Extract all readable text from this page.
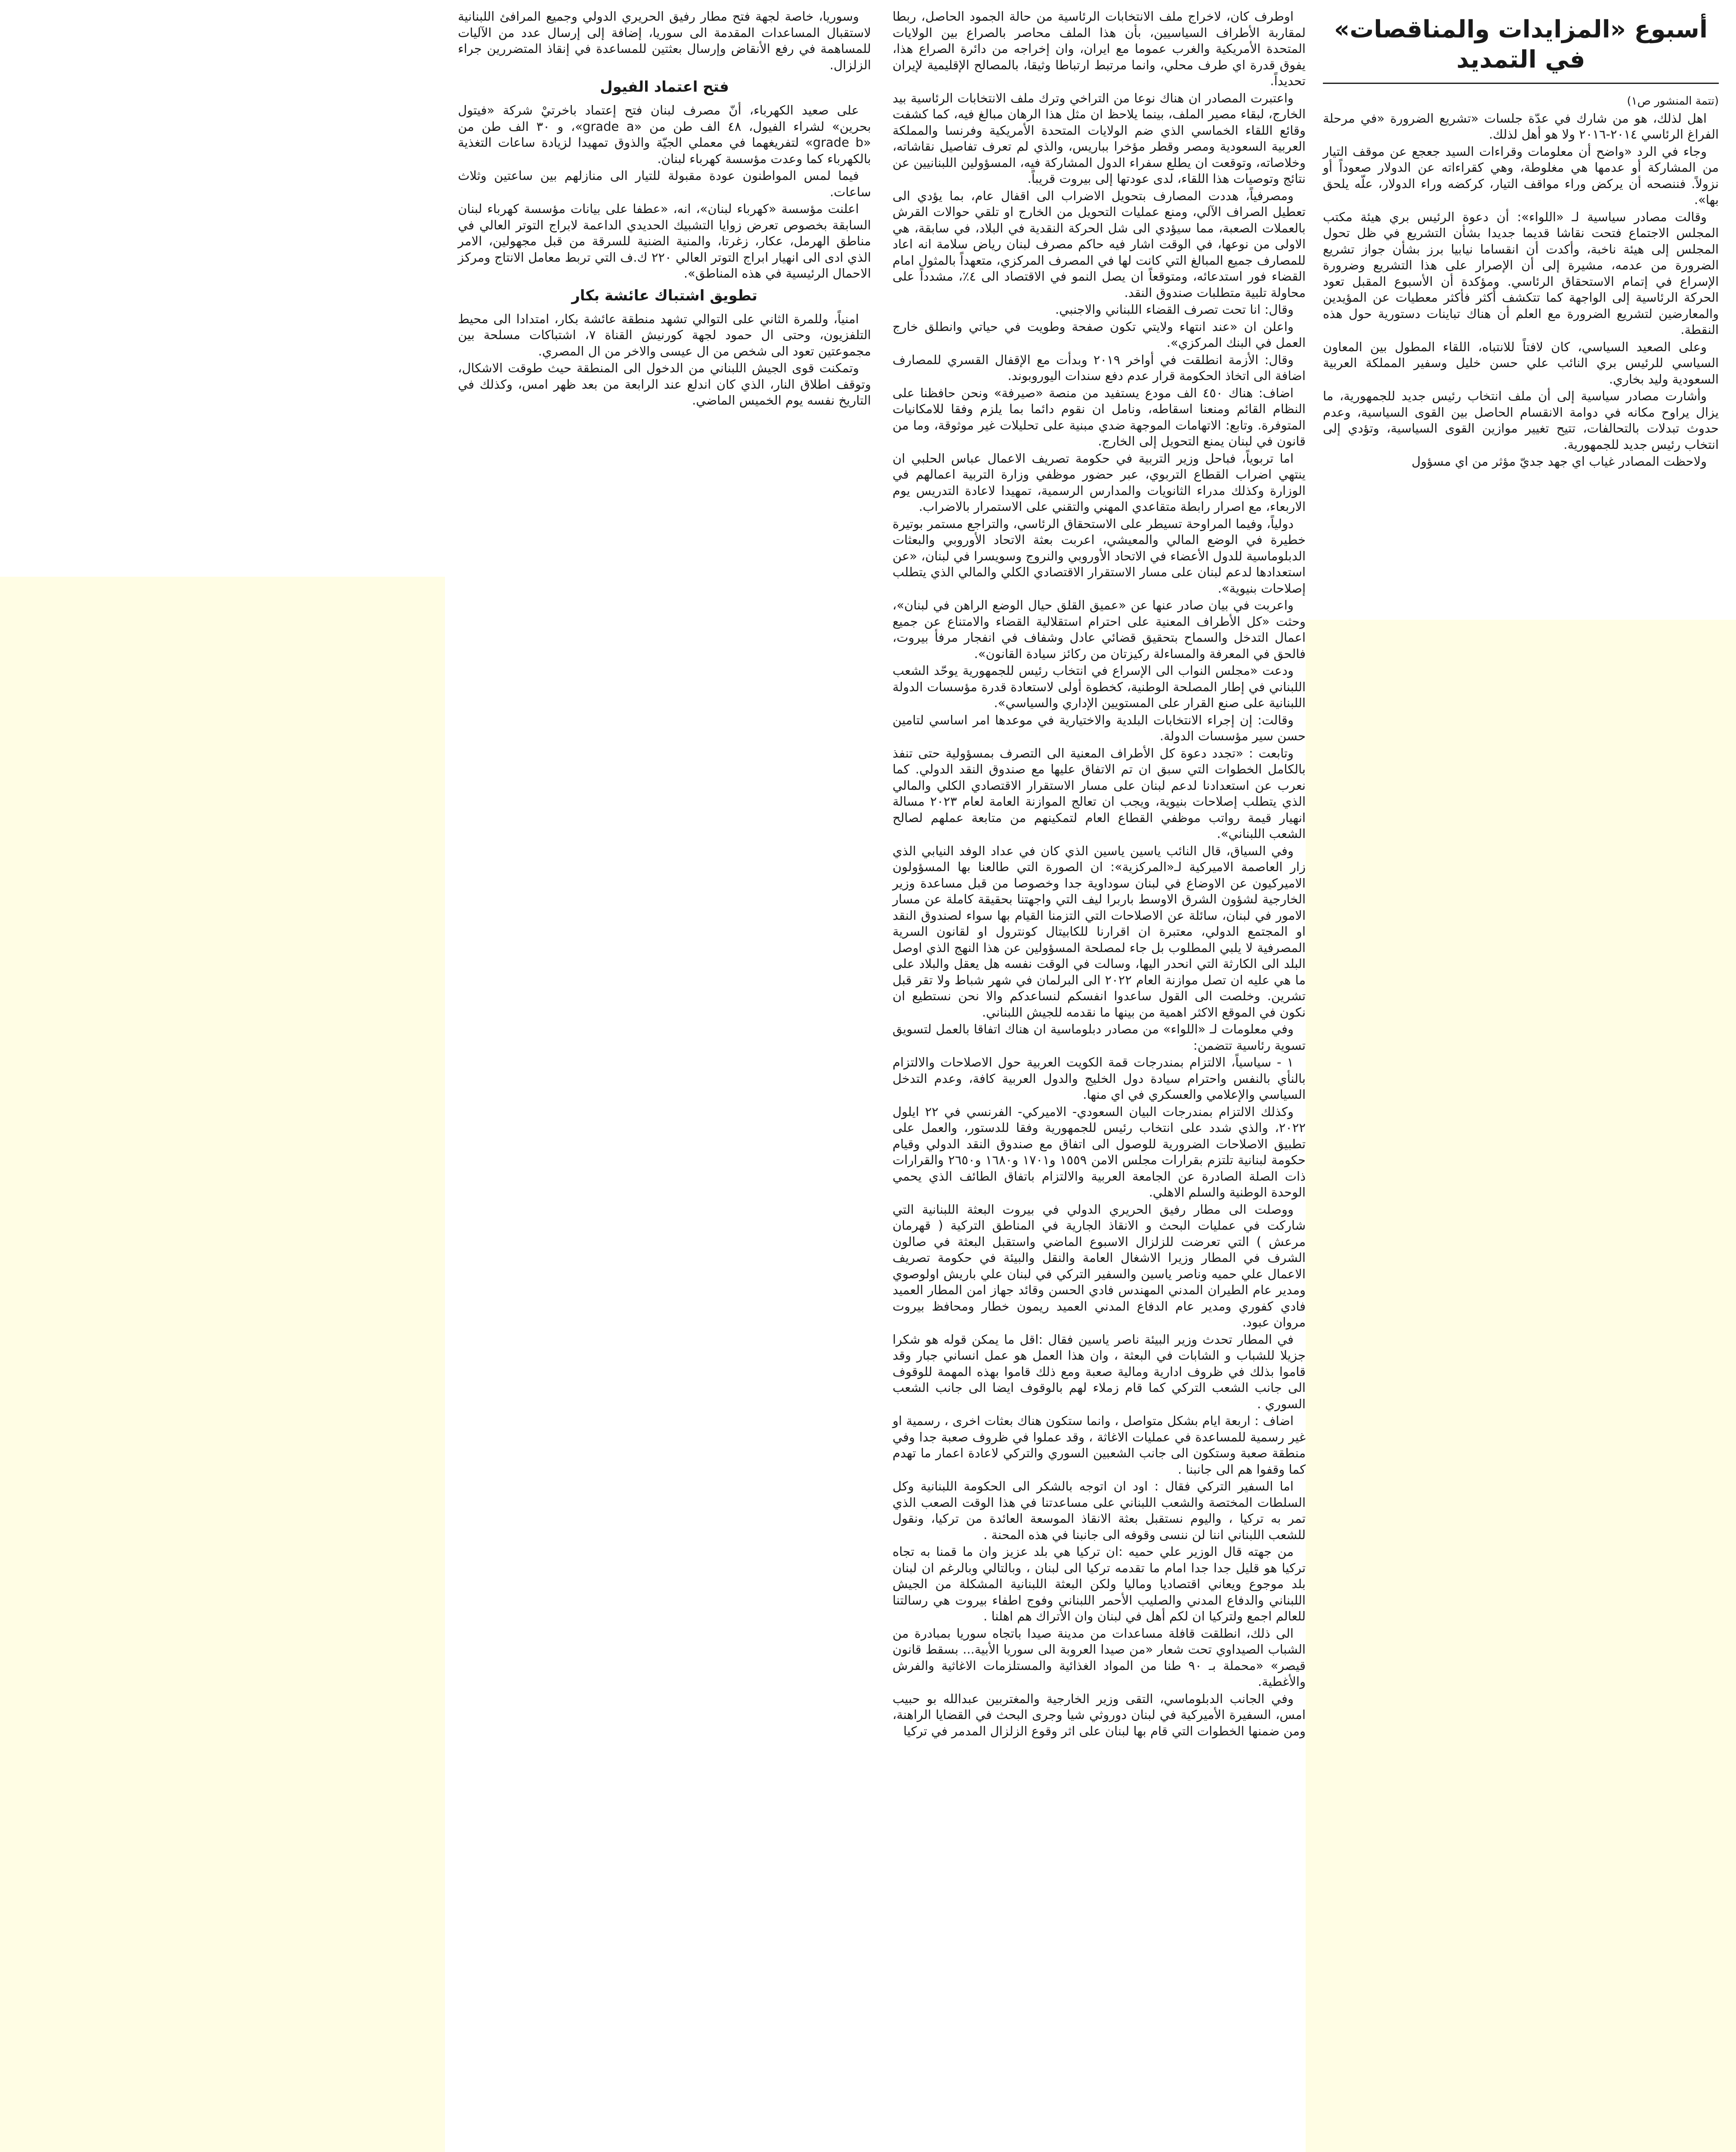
أسبوع «المزايدات والمناقصات» في التمديد

(تتمة المنشور ص١)

اهل لذلك، هو من شارك في عدّة جلسات «تشريع الضرورة «في مرحلة الفراغ الرئاسي ٢٠١٤-٢٠١٦ ولا هو أهل لذلك.

وجاء في الرد «واضح أن معلومات وقراءات السيد جعجع عن موقف التيار من المشاركة أو عدمها هي مغلوطة، وهي كقراءاته عن الدولار صعوداً أو نزولاً. فننصحه أن يركض وراء مواقف التيار، كركضه وراء الدولار، علّه يلحق بها».

وقالت مصادر سياسية لـ «اللواء»: أن دعوة الرئيس بري هيئة مكتب المجلس الاجتماع فتحت نقاشا قديما جديدا بشأن التشريع في ظل تحول المجلس إلى هيئة ناخبة، وأكدت أن انقساما نيابيا برز بشأن جواز تشريع الضرورة من عدمه، مشيرة إلى أن الإصرار على هذا التشريع وضرورة الإسراع في إتمام الاستحقاق الرئاسي. ومؤكدة أن الأسبوع المقبل تعود الحركة الرئاسية إلى الواجهة كما تتكشف أكثر فأكثر معطيات عن المؤيدين والمعارضين لتشريع الضرورة مع العلم أن هناك تباينات دستورية حول هذه النقطة.

وعلى الصعيد السياسي، كان لافتاً للانتباه، اللقاء المطول بين المعاون السياسي للرئيس بري النائب علي حسن خليل وسفير المملكة العربية السعودية وليد بخاري.

وأشارت مصادر سياسية إلى أن ملف انتخاب رئيس جديد للجمهورية، ما يزال يراوح مكانه في دوامة الانقسام الحاصل بين القوى السياسية، وعدم حدوث تبدلات بالتحالفات، تتيح تغيير موازين القوى السياسية، وتؤدي إلى انتخاب رئيس جديد للجمهورية.

ولاحظت المصادر غياب اي جهد جديّ مؤثر من اي مسؤول

اوطرف كان، لاخراج ملف الانتخابات الرئاسية من حالة الجمود الحاصل، ربطا لمقاربة الأطراف السياسيين، بأن هذا الملف محاصر بالصراع بين الولايات المتحدة الأمريكية والغرب عموما مع ايران، وان إخراجه من دائرة الصراع هذا، يفوق قدرة اي طرف محلي، وانما مرتبط ارتباطا وثيقا، بالمصالح الإقليمية لإيران تحديداً.

واعتبرت المصادر ان هناك نوعا من التراخي وترك ملف الانتخابات الرئاسية بيد الخارج، لبقاء مصير الملف، بينما يلاحظ ان مثل هذا الرهان مبالغ فيه، كما كشفت وقائع اللقاء الخماسي الذي ضم الولايات المتحدة الأمريكية وفرنسا والمملكة العربية السعودية ومصر وقطر مؤخرا بباريس، والذي لم تعرف تفاصيل نقاشاته، وخلاصاته، وتوقعت ان يطلع سفراء الدول المشاركة فيه، المسؤولين اللبنانيين عن نتائج وتوصيات هذا اللقاء، لدى عودتها إلى بيروت قريباً.

ومصرفياً، هددت المصارف بتحويل الاضراب الى اقفال عام، بما يؤدي الى تعطيل الصراف الآلي، ومنع عمليات التحويل من الخارج او تلقي حوالات القرش بالعملات الصعبة، مما سيؤدي الى شل الحركة النقدية في البلاد، في سابقة، هي الاولى من نوعها، في الوقت اشار فيه حاكم مصرف لبنان رياض سلامة انه اعاد للمصارف جميع المبالغ التي كانت لها في المصرف المركزي، متعهداً بالمثول امام القضاء فور استدعائه، ومتوقعاً ان يصل النمو في الاقتصاد الى ٤٪، مشدداً على محاولة تلبية متطلبات صندوق النقد.

وقال: انا تحت تصرف القضاء اللبناني والاجنبي.

واعلن ان «عند انتهاء ولايتي تكون صفحة وطويت في حياتي وانطلق خارج العمل في البنك المركزي».

وقال: الأزمة انطلقت في أواخر ٢٠١٩ وبدأت مع الإقفال القسري للمصارف اضافة الى اتخاذ الحكومة قرار عدم دفع سندات اليوروبوند.

اضاف: هناك ٤٥٠ الف مودع يستفيد من منصة «صيرفة» ونحن حافظنا على النظام القائم ومنعنا اسقاطه، ونامل ان نقوم دائما بما يلزم وفقا للامكانيات المتوفرة. وتابع: الاتهامات الموجهة ضدي مبنية على تحليلات غير موثوقة، وما من قانون في لبنان يمنع التحويل إلى الخارج.

اما تربوياً، فباحل وزير التربية في حكومة تصريف الاعمال عباس الحلبي ان ينتهي اضراب القطاع التربوي، عبر حضور موظفي وزارة التربية اعمالهم في الوزارة وكذلك مدراء الثانويات والمدارس الرسمية، تمهيدا لاعادة التدريس يوم الاربعاء، مع اصرار رابطة متقاعدي المهني والتقني على الاستمرار بالاضراب.

دولياً، وفيما المراوحة تسيطر على الاستحقاق الرئاسي، والتراجع مستمر بوتيرة خطيرة في الوضع المالي والمعيشي، اعربت بعثة الاتحاد الأوروبي والبعثات الدبلوماسية للدول الأعضاء في الاتحاد الأوروبي والنروج وسويسرا في لبنان، «عن استعدادها لدعم لبنان على مسار الاستقرار الاقتصادي الكلي والمالي الذي يتطلب إصلاحات بنيوية».

واعربت في بيان صادر عنها عن «عميق القلق حيال الوضع الراهن في لبنان»، وحثت «كل الأطراف المعنية على احترام استقلالية القضاء والامتناع عن جميع اعمال التدخل والسماح بتحقيق قضائي عادل وشفاف في انفجار مرفأ بيروت، فالحق في المعرفة والمساءلة ركيزتان من ركائز سيادة القانون».

ودعت «مجلس النواب الى الإسراع في انتخاب رئيس للجمهورية يوحّد الشعب اللبناني في إطار المصلحة الوطنية، كخطوة أولى لاستعادة قدرة مؤسسات الدولة اللبنانية على صنع القرار على المستويين الإداري والسياسي».

وقالت: إن إجراء الانتخابات البلدية والاختيارية في موعدها امر اساسي لتامين حسن سير مؤسسات الدولة.

وتابعت : «تجدد دعوة كل الأطراف المعنية الى التصرف بمسؤولية حتى تنفذ بالكامل الخطوات التي سبق ان تم الاتفاق عليها مع صندوق النقد الدولي. كما نعرب عن استعدادنا لدعم لبنان على مسار الاستقرار الاقتصادي الكلي والمالي الذي يتطلب إصلاحات بنيوية، ويجب ان تعالج الموازنة العامة لعام ٢٠٢٣ مسالة انهيار قيمة رواتب موظفي القطاع العام لتمكينهم من متابعة عملهم لصالح الشعب اللبناني».

وفي السياق، قال النائب ياسين ياسين الذي كان في عداد الوفد النيابي الذي زار العاصمة الاميركية لـ«المركزية»: ان الصورة التي طالعنا بها المسؤولون الاميركيون عن الاوضاع في لبنان سوداوية جدا وخصوصا من قبل مساعدة وزير الخارجية لشؤون الشرق الاوسط باربرا ليف التي واجهتنا بحقيقة كاملة عن مسار الامور في لبنان، سائلة عن الاصلاحات التي التزمنا القيام بها سواء لصندوق النقد او المجتمع الدولي، معتبرة ان اقرارنا للكابيتال كونترول او لقانون السرية المصرفية لا يلبي المطلوب بل جاء لمصلحة المسؤولين عن هذا النهج الذي اوصل البلد الى الكارثة التي انحدر اليها، وسالت في الوقت نفسه هل يعقل والبلاد على ما هي عليه ان تصل موازنة العام ٢٠٢٢ الى البرلمان في شهر شباط ولا تقر قبل تشرين. وخلصت الى القول ساعدوا انفسكم لنساعدكم والا نحن نستطيع ان نكون في الموقع الاكثر اهمية من بينها ما نقدمه للجيش اللبناني.

وفي معلومات لـ «اللواء» من مصادر دبلوماسية ان هناك اتفاقا بالعمل لتسويق تسوية رئاسية تتضمن:

١ - سياسياً، الالتزام بمندرجات قمة الكويت العربية حول الاصلاحات والالتزام بالنأي بالنفس واحترام سيادة دول الخليج والدول العربية كافة، وعدم التدخل السياسي والإعلامي والعسكري في اي منها.

وكذلك الالتزام بمندرجات البيان السعودي- الاميركي- الفرنسي في ٢٢ ايلول ٢٠٢٢، والذي شدد على انتخاب رئيس للجمهورية وفقا للدستور، والعمل على تطبيق الاصلاحات الضرورية للوصول الى اتفاق مع صندوق النقد الدولي وقيام حكومة لبنانية تلتزم بقرارات مجلس الامن ١٥٥٩ و١٧٠١ و١٦٨٠ و٢٦٥٠ والقرارات ذات الصلة الصادرة عن الجامعة العربية والالتزام باتفاق الطائف الذي يحمي الوحدة الوطنية والسلم الاهلي.

ووصلت الى مطار رفيق الحريري الدولي في بيروت البعثة اللبنانية التي شاركت في عمليات البحث و الانقاذ الجارية في المناطق التركية ( قهرمان مرعش ) التي تعرضت للزلزال الاسبوع الماضي واستقبل البعثة في صالون الشرف في المطار وزيرا الاشغال العامة والنقل والبيئة في حكومة تصريف الاعمال علي حميه وناصر ياسين والسفير التركي في لبنان علي باريش اولوصوي ومدير عام الطيران المدني المهندس فادي الحسن وقائد جهاز امن المطار العميد فادي كفوري ومدير عام الدفاع المدني العميد ريمون خطار ومحافظ بيروت مروان عبود.

في المطار تحدث وزير البيئة ناصر ياسين فقال :اقل ما يمكن قوله هو شكرا جزيلا للشباب و الشابات في البعثة ، وان هذا العمل هو عمل انساني جبار وقد قاموا بذلك في ظروف ادارية ومالية صعبة ومع ذلك قاموا بهذه المهمة للوقوف الى جانب الشعب التركي كما قام زملاء لهم بالوقوف ايضا الى جانب الشعب السوري .

اضاف : اربعة ايام بشكل متواصل ، وانما ستكون هناك بعثات اخرى ، رسمية او غير رسمية للمساعدة في عمليات الاغاثة ، وقد عملوا في ظروف صعبة جدا وفي منطقة صعبة وستكون الى جانب الشعبين السوري والتركي لاعادة اعمار ما تهدم كما وقفوا هم الى جانبنا .

اما السفير التركي فقال : اود ان اتوجه بالشكر الى الحكومة اللبنانية وكل السلطات المختصة والشعب اللبناني على مساعدتنا في هذا الوقت الصعب الذي تمر به تركيا ، واليوم نستقبل بعثة الانقاذ الموسعة العائدة من تركيا، ونقول للشعب اللبناني اننا لن ننسى وقوفه الى جانبنا في هذه المحنة .

من جهته قال الوزير علي حميه :ان تركيا هي بلد عزيز وان ما قمنا به تجاه تركيا هو قليل جدا جدا امام ما تقدمه تركيا الى لبنان ، وبالتالي وبالرغم ان لبنان بلد موجوع ويعاني اقتصاديا وماليا ولكن البعثة اللبنانية المشكلة من الجيش اللبناني والدفاع المدني والصليب الأحمر اللبناني وفوج اطفاء بيروت هي رسالتنا للعالم اجمع ولتركيا ان لكم أهل في لبنان وان الأتراك هم اهلنا .

الى ذلك، انطلقت قافلة مساعدات من مدينة صيدا باتجاه سوريا بمبادرة من الشباب الصيداوي تحت شعار «من صيدا العروبة الى سوريا الأبية... بسقط قانون قيصر» «محملة بـ ٩٠ طنا من المواد الغذائية والمستلزمات الاغاثية والفرش والأغطية.

وفي الجانب الدبلوماسي، التقى وزير الخارجية والمغتربين عبدالله بو حبيب امس، السفيرة الأميركية في لبنان دوروثي شيا وجرى البحث في القضايا الراهنة، ومن ضمنها الخطوات التي قام بها لبنان على اثر وقوع الزلزال المدمر في تركيا

وسوريا، خاصة لجهة فتح مطار رفيق الحريري الدولي وجميع المرافئ اللبنانية لاستقبال المساعدات المقدمة الى سوريا، إضافة إلى إرسال عدد من الآليات للمساهمة في رفع الأنقاض وإرسال بعثتين للمساعدة في إنقاذ المتضررين جراء الزلزال.

فتح اعتماد الفيول

على صعيد الكهرباء، أنّ مصرف لبنان فتح إعتماد باخرتيْ شركة «فيتول بحرين» لشراء الفيول، ٤٨ الف طن من «grade a»، و ٣٠ الف طن من «grade b» لتفريغهما في معملي الجيّة والذوق تمهيدا لزيادة ساعات التغذية بالكهرباء كما وعدت مؤسسة كهرباء لبنان.

فيما لمس المواطنون عودة مقبولة للتيار الى منازلهم بين ساعتين وثلاث ساعات.

اعلنت مؤسسة «كهرباء لبنان»، انه، «عطفا على بيانات مؤسسة كهرباء لبنان السابقة بخصوص تعرض زوايا التشبيك الحديدي الداعمة لابراج التوتر العالي في مناطق الهرمل، عكار، زغرتا، والمنية الضنية للسرقة من قبل مجهولين، الامر الذي ادى الى انهيار ابراج التوتر العالي ٢٢٠ ك.ف التي تربط معامل الانتاج ومركز الاحمال الرئيسية في هذه المناطق».

تطويق اشتباك عائشة بكار

امنياً، وللمرة الثاني على التوالي تشهد منطقة عائشة بكار، امتدادا الى محيط التلفزيون، وحتى ال حمود لجهة كورنيش القناة ٧، اشتباكات مسلحة بين مجموعتين تعود الى شخص من ال عيسى والاخر من ال المصري.

وتمكنت قوى الجيش اللبناني من الدخول الى المنطقة حيث طوقت الاشكال، وتوقف اطلاق النار، الذي كان اندلع عند الرابعة من بعد ظهر امس، وكذلك في التاريخ نفسه يوم الخميس الماضي.
